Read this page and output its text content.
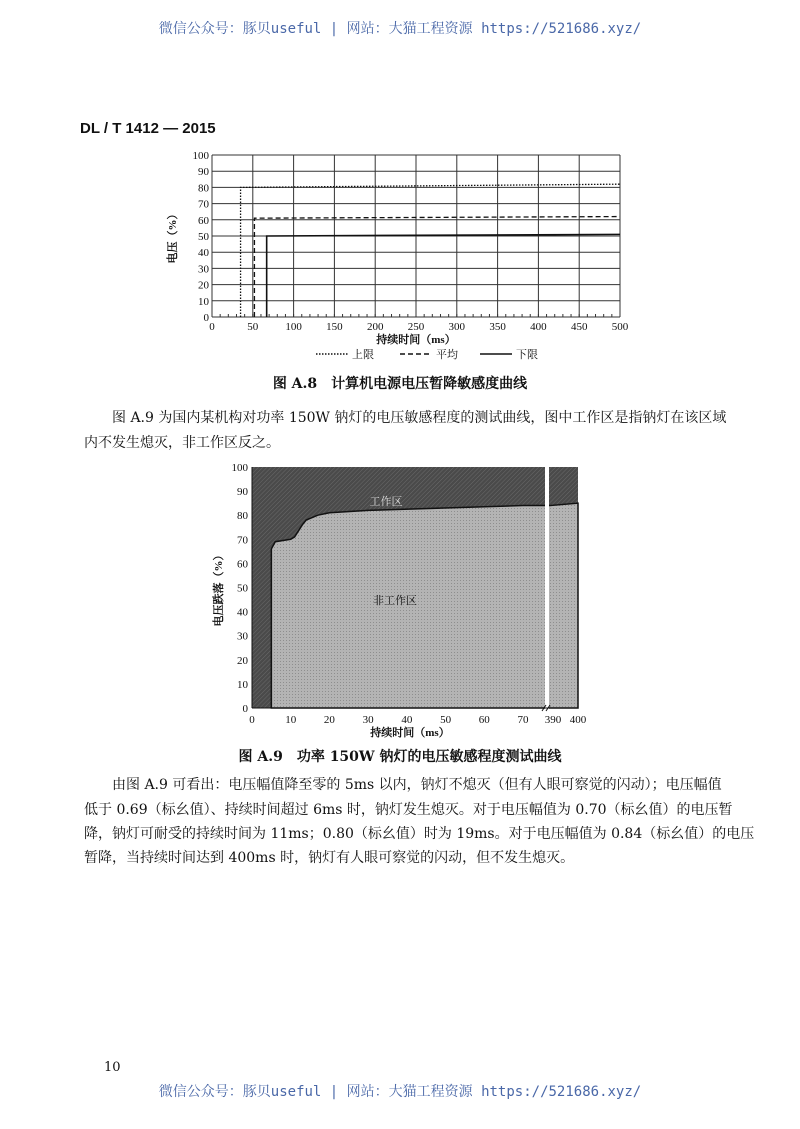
微信公众号：豚贝useful | 网站：大猫工程资源 https://521686.xyz/
DL / T 1412 — 2015
0
10
20
30
40
50
60
70
80
90
100
0	50 100 150 200 250 300 350 400 450 500
持续时间（ms）
电压（%）
上限	平均	下限
图 A.8　计算机电源电压暂降敏感度曲线
图 A.9 为国内某机构对功率 150W 钠灯的电压敏感程度的测试曲线，图中工作区是指钠灯在该区域
内不发生熄灭，非工作区反之。
0
10
20
30
40
50
60
70
80
90
100
0	10	20	30	40	50	60	70 390 400
持续时间（ms）
电压跌落（%）
工作区
非工作区
图 A.9　功率 150W 钠灯的电压敏感程度测试曲线
由图 A.9 可看出：电压幅值降至零的 5ms 以内，钠灯不熄灭（但有人眼可察觉的闪动）；电压幅值
低于 0.69（标幺值）、持续时间超过 6ms 时，钠灯发生熄灭。对于电压幅值为 0.70（标幺值）的电压暂
降，钠灯可耐受的持续时间为 11ms；0.80（标幺值）时为 19ms。对于电压幅值为 0.84（标幺值）的电压
暂降，当持续时间达到 400ms 时，钠灯有人眼可察觉的闪动，但不发生熄灭。
10
微信公众号：豚贝useful | 网站：大猫工程资源 https://521686.xyz/
